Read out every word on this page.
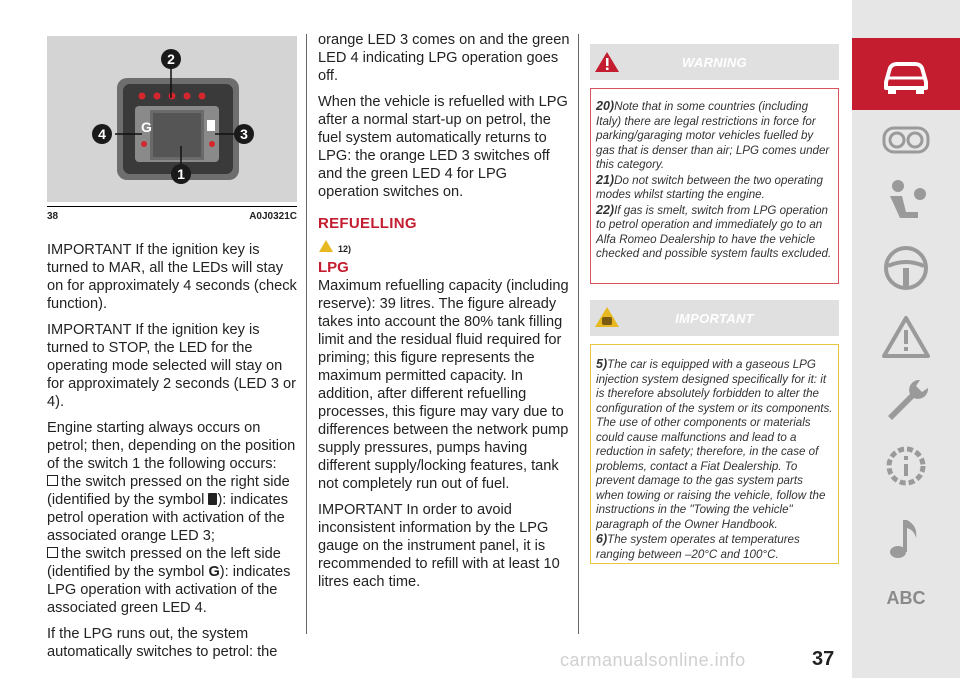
G
2
4	3
1
38	A0J0321C

IMPORTANT If the ignition key is turned to MAR, all the LEDs will stay on for approximately 4 seconds (check function).

IMPORTANT If the ignition key is turned to STOP, the LED for the operating mode selected will stay on for approximately 2 seconds (LED 3 or 4).

Engine starting always occurs on petrol; then, depending on the position of the switch 1 the following occurs:

the switch pressed on the right side (identified by the symbol ): indicates petrol operation with activation of the associated orange LED 3;
the switch pressed on the left side (identified by the symbol G): indicates LPG operation with activation of the associated green LED 4.

If the LPG runs out, the system automatically switches to petrol: the

orange LED 3 comes on and the green LED 4 indicating LPG operation goes off.

When the vehicle is refuelled with LPG after a normal start-up on petrol, the fuel system automatically returns to LPG: the orange LED 3 switches off and the green LED 4 for LPG operation switches on.

REFUELLING
12)
LPG

Maximum refuelling capacity (including reserve): 39 litres. The figure already takes into account the 80% tank filling limit and the residual fluid required for priming; this figure represents the maximum permitted capacity. In addition, after different refuelling processes, this figure may vary due to differences between the network pump supply pressures, pumps having different supply/locking features, tank not completely run out of fuel.

IMPORTANT In order to avoid inconsistent information by the LPG gauge on the instrument panel, it is recommended to refill with at least 10 litres each time.

WARNING

20)Note that in some countries (including Italy) there are legal restrictions in force for parking/garaging motor vehicles fuelled by gas that is denser than air; LPG comes under this category.

21)Do not switch between the two operating modes whilst starting the engine.

22)If gas is smelt, switch from LPG operation to petrol operation and immediately go to an Alfa Romeo Dealership to have the vehicle checked and possible system faults excluded.

IMPORTANT

5)The car is equipped with a gaseous LPG injection system designed specifically for it: it is therefore absolutely forbidden to alter the configuration of the system or its components. The use of other components or materials could cause malfunctions and lead to a reduction in safety; therefore, in the case of problems, contact a Fiat Dealership. To prevent damage to the gas system parts when towing or raising the vehicle, follow the instructions in the "Towing the vehicle" paragraph of the Owner Handbook.

6)The system operates at temperatures ranging between –20°C and 100°C.

ABC
carmanualsonline.info	37
